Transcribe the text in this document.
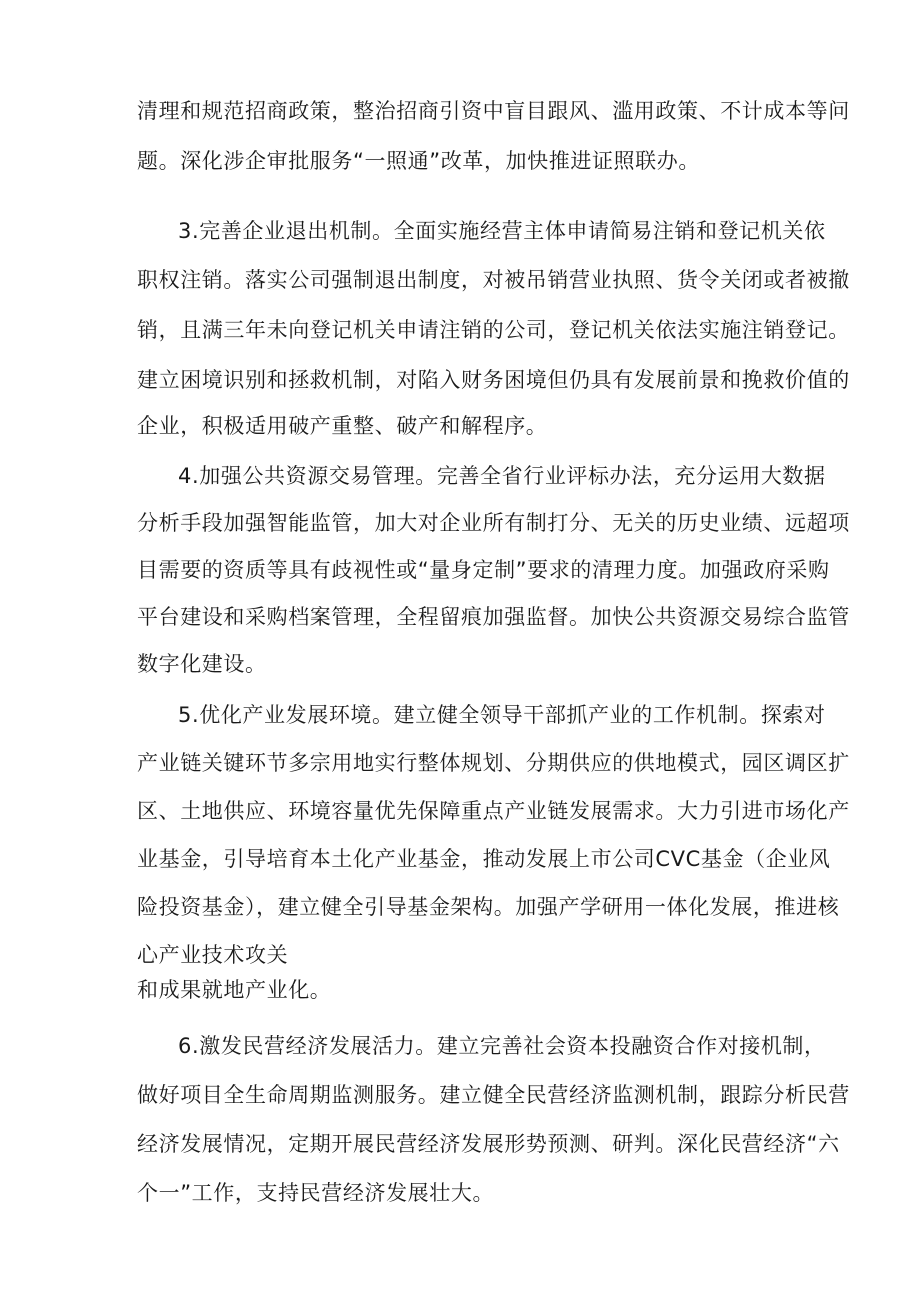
清理和规范招商政策，整治招商引资中盲目跟风、滥用政策、不计成本等问
题。深化涉企审批服务“一照通”改革，加快推进证照联办。
3.完善企业退出机制。全面实施经营主体申请简易注销和登记机关依
职权注销。落实公司强制退出制度，对被吊销营业执照、货令关闭或者被撤
销，且满三年未向登记机关申请注销的公司，登记机关依法实施注销登记。
建立困境识别和拯救机制，对陷入财务困境但仍具有发展前景和挽救价值的
企业，积极适用破产重整、破产和解程序。
4.加强公共资源交易管理。完善全省行业评标办法，充分运用大数据
分析手段加强智能监管，加大对企业所有制打分、无关的历史业绩、远超项
目需要的资质等具有歧视性或“量身定制”要求的清理力度。加强政府采购
平台建设和采购档案管理，全程留痕加强监督。加快公共资源交易综合监管
数字化建设。
5.优化产业发展环境。建立健全领导干部抓产业的工作机制。探索对
产业链关键环节多宗用地实行整体规划、分期供应的供地模式，园区调区扩
区、土地供应、环境容量优先保障重点产业链发展需求。大力引进市场化产
业基金，引导培育本土化产业基金，推动发展上市公司CVC基金（企业风
险投资基金），建立健全引导基金架构。加强产学研用一体化发展，推进核
心产业技术攻关
和成果就地产业化。
6.激发民营经济发展活力。建立完善社会资本投融资合作对接机制，
做好项目全生命周期监测服务。建立健全民营经济监测机制，跟踪分析民营
经济发展情况，定期开展民营经济发展形势预测、研判。深化民营经济“六
个一”工作，支持民营经济发展壮大。
